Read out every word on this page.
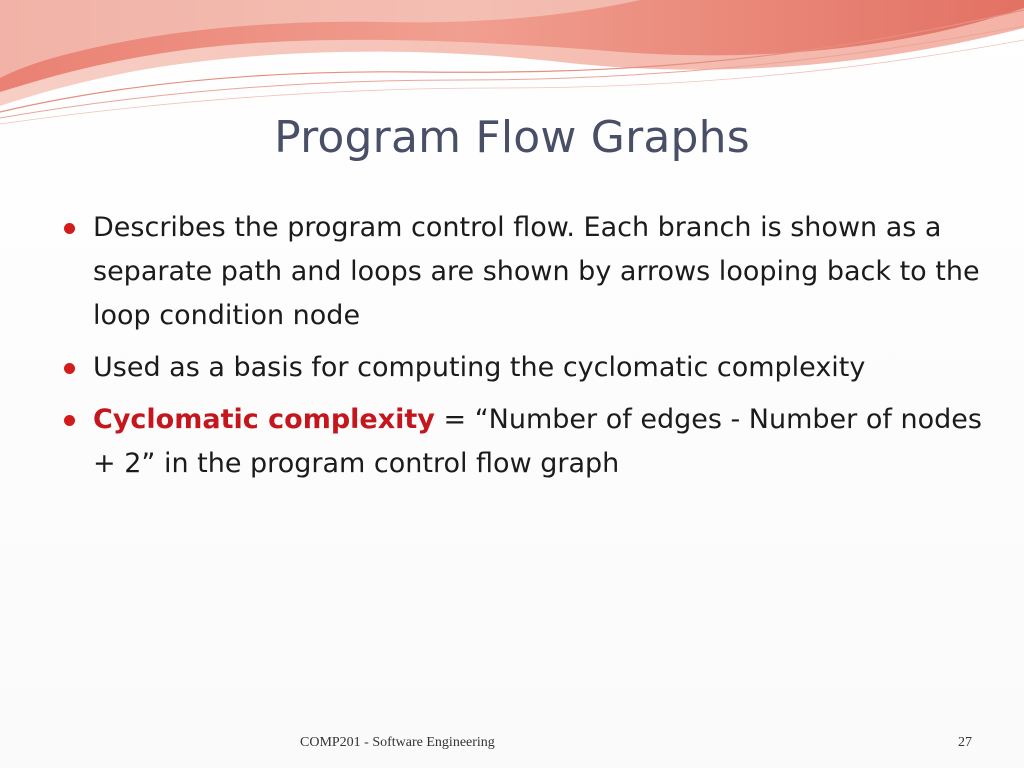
Program Flow Graphs
Describes the program control flow. Each branch is shown as a separate path and loops are shown by arrows looping back to the loop condition node
Used as a basis for computing the cyclomatic complexity
Cyclomatic complexity = “Number of edges - Number of nodes + 2” in the program control flow graph
COMP201 - Software Engineering	27
